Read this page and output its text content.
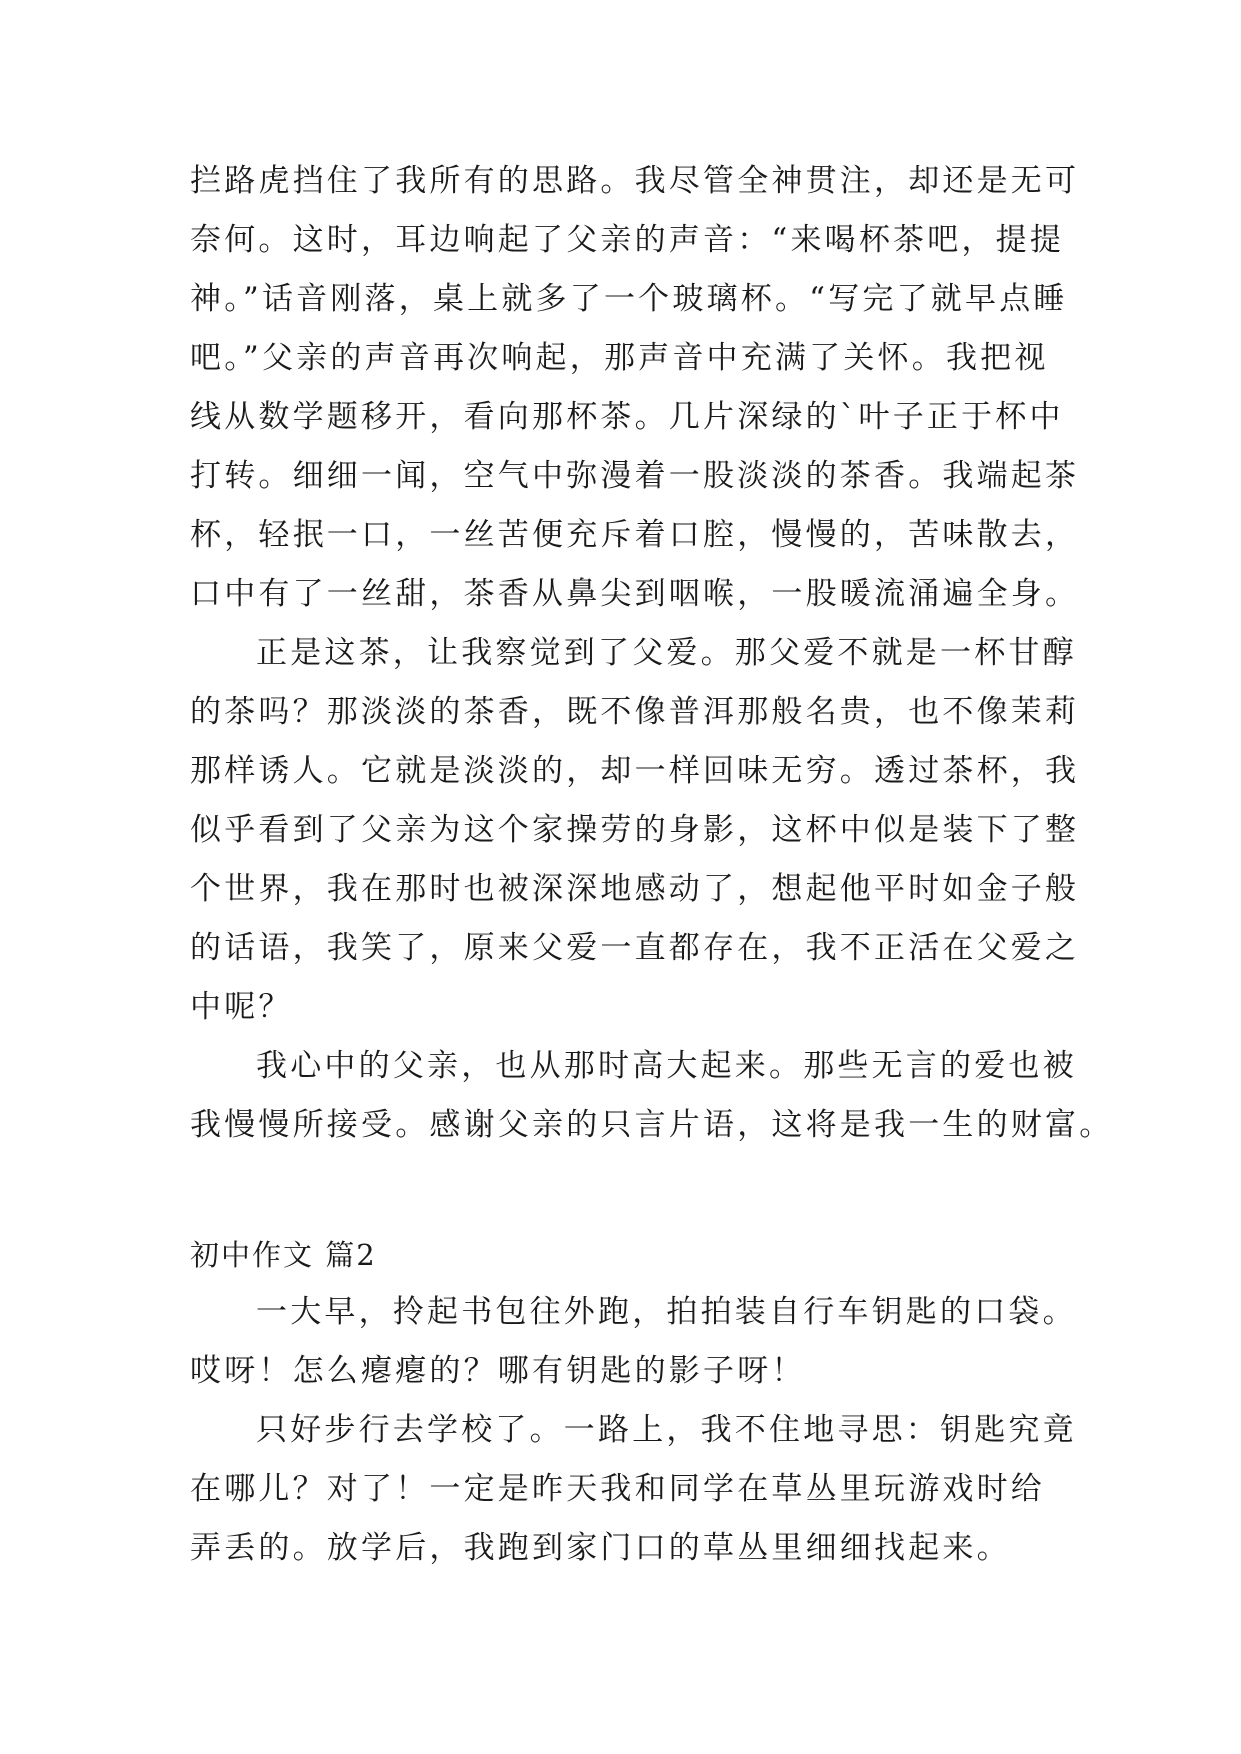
拦路虎挡住了我所有的思路。我尽管全神贯注，却还是无可
奈何。这时，耳边响起了父亲的声音：“来喝杯茶吧，提提
神。”话音刚落，桌上就多了一个玻璃杯。“写完了就早点睡
吧。”父亲的声音再次响起，那声音中充满了关怀。我把视
线从数学题移开，看向那杯茶。几片深绿的`叶子正于杯中
打转。细细一闻，空气中弥漫着一股淡淡的茶香。我端起茶
杯，轻抿一口，一丝苦便充斥着口腔，慢慢的，苦味散去，
口中有了一丝甜，茶香从鼻尖到咽喉，一股暖流涌遍全身。
正是这茶，让我察觉到了父爱。那父爱不就是一杯甘醇
的茶吗？那淡淡的茶香，既不像普洱那般名贵，也不像茉莉
那样诱人。它就是淡淡的，却一样回味无穷。透过茶杯，我
似乎看到了父亲为这个家操劳的身影，这杯中似是装下了整
个世界，我在那时也被深深地感动了，想起他平时如金子般
的话语，我笑了，原来父爱一直都存在，我不正活在父爱之
中呢？
我心中的父亲，也从那时高大起来。那些无言的爱也被
我慢慢所接受。感谢父亲的只言片语，这将是我一生的财富。
初中作文 篇2
一大早，拎起书包往外跑，拍拍装自行车钥匙的口袋。
哎呀！怎么瘪瘪的？哪有钥匙的影子呀！
只好步行去学校了。一路上，我不住地寻思：钥匙究竟
在哪儿？对了！一定是昨天我和同学在草丛里玩游戏时给
弄丢的。放学后，我跑到家门口的草丛里细细找起来。
